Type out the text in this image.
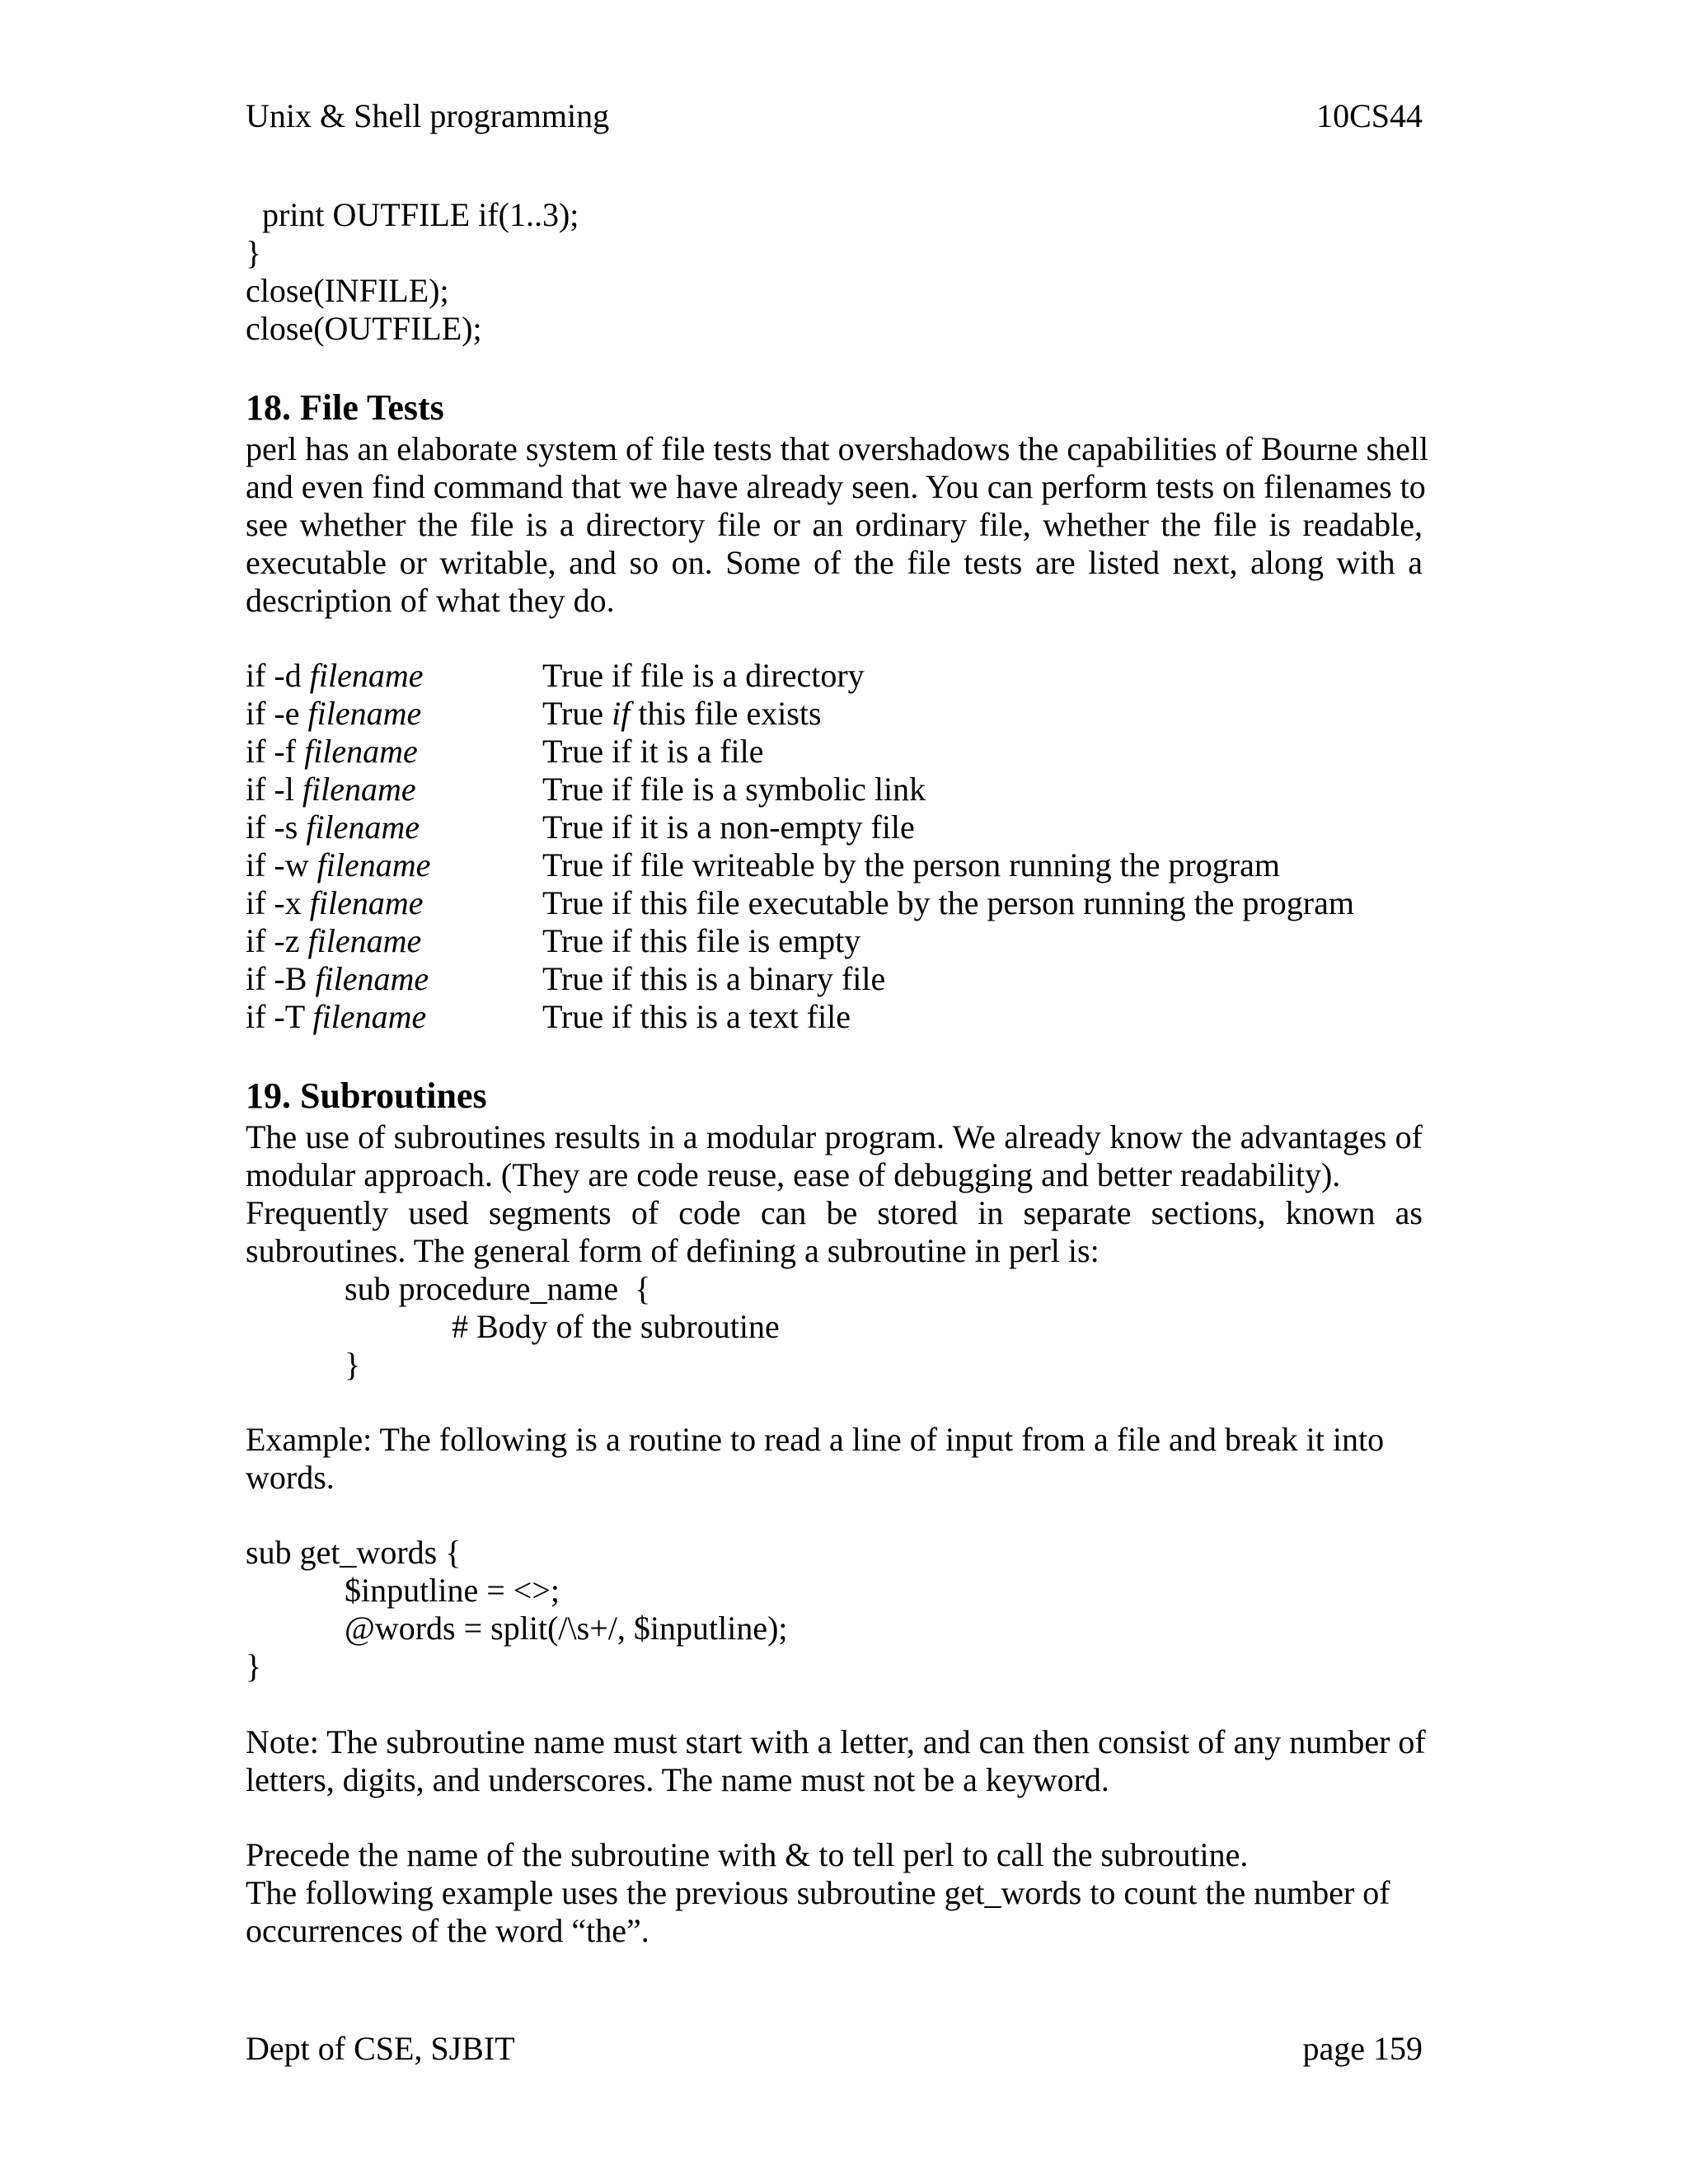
Unix & Shell programming	10CS44
print OUTFILE if(1..3);
}
close(INFILE);
close(OUTFILE);
18. File Tests
perl has an elaborate system of file tests that overshadows the capabilities of Bourne shell
and even find command that we have already seen. You can perform tests on filenames to
see whether the file is a directory file or an ordinary file, whether the file is readable,
executable or writable, and so on. Some of the file tests are listed next, along with a
description of what they do.
if -d filename	True if file is a directory
if -e filename	True if this file exists
if -f filename	True if it is a file
if -l filename	True if file is a symbolic link
if -s filename	True if it is a non-empty file
if -w filename	True if file writeable by the person running the program
if -x filename	True if this file executable by the person running the program
if -z filename	True if this file is empty
if -B filename	True if this is a binary file
if -T filename	True if this is a text file
19. Subroutines
The use of subroutines results in a modular program. We already know the advantages of
modular approach. (They are code reuse, ease of debugging and better readability).
Frequently used segments of code can be stored in separate sections, known as
subroutines. The general form of defining a subroutine in perl is:
sub procedure_name  {
# Body of the subroutine
}
Example: The following is a routine to read a line of input from a file and break it into
words.
sub get_words {
$inputline = <>;
@words = split(/\s+/, $inputline);
}
Note: The subroutine name must start with a letter, and can then consist of any number of
letters, digits, and underscores. The name must not be a keyword.
Precede the name of the subroutine with & to tell perl to call the subroutine.
The following example uses the previous subroutine get_words to count the number of
occurrences of the word “the”.
Dept of CSE, SJBIT	page 159
